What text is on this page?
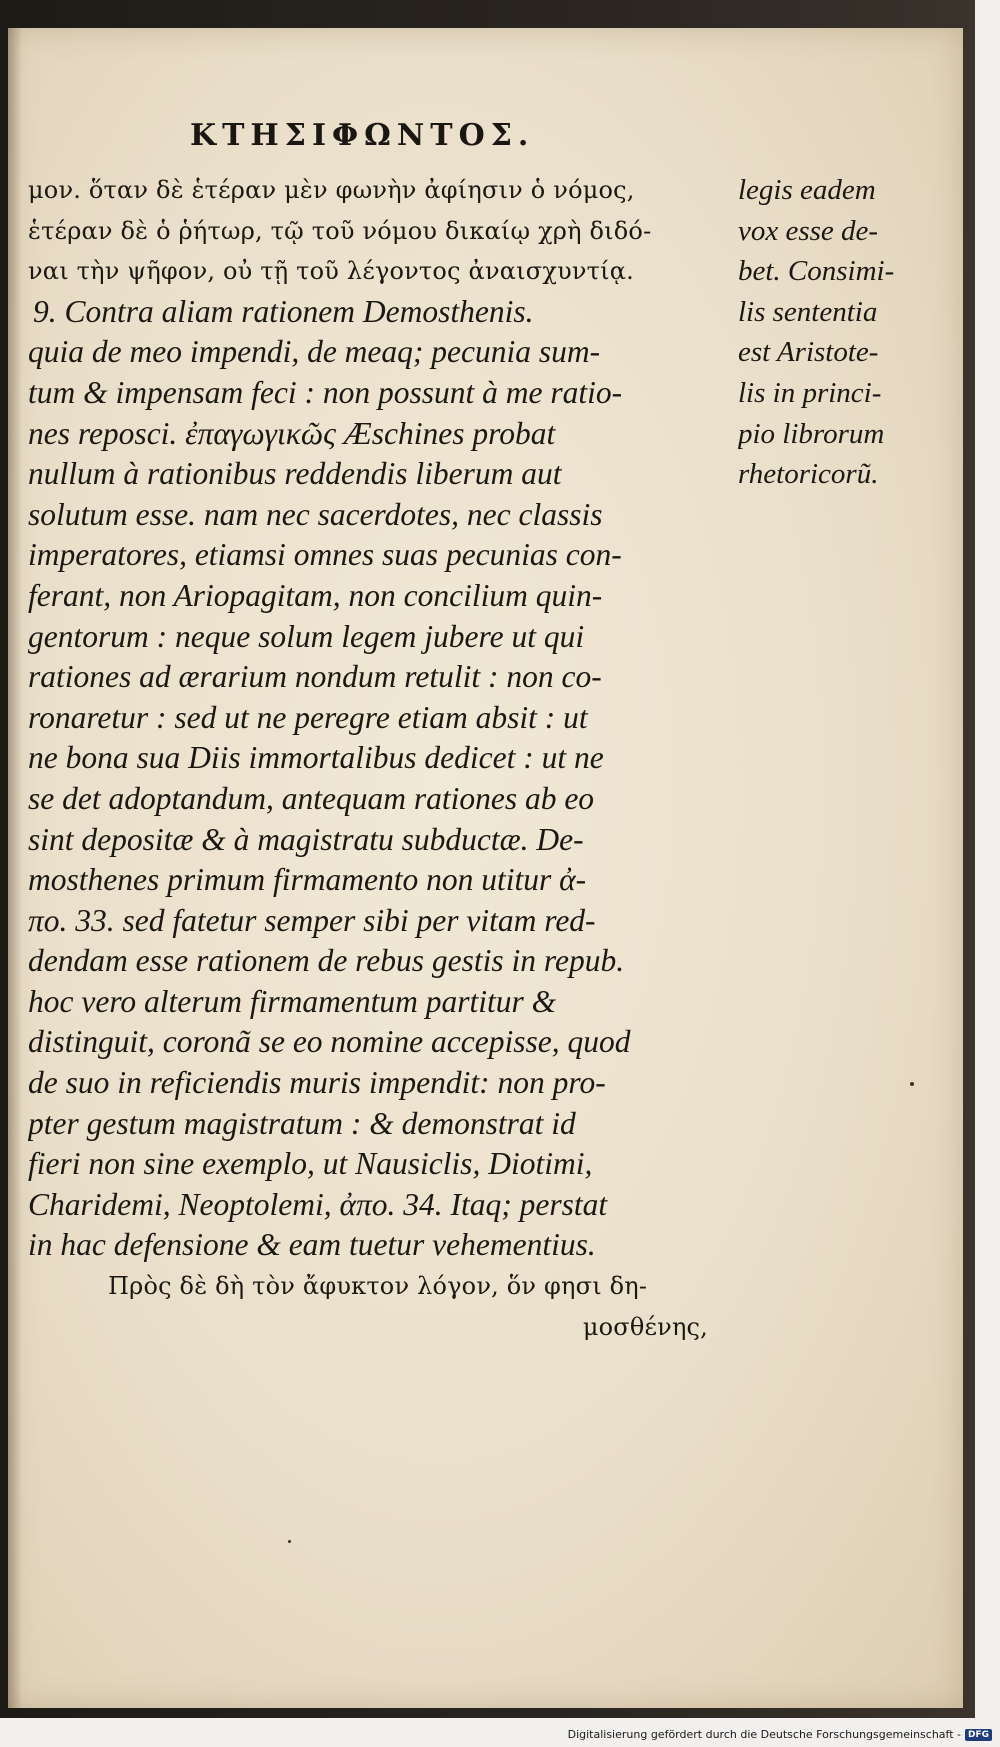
ΚΤΗΣΙΦΩΝΤΟΣ.
μον. ὅταν δὲ ἑτέραν μὲν φωνὴν ἀφίησιν ὁ νόμος,
ἑτέραν δὲ ὁ ῥήτωρ, τῷ τοῦ νόμου δικαίῳ χρὴ διδό-
ναι τὴν ψῆφον, οὐ τῇ τοῦ λέγοντος ἀναισχυντίᾳ.
9. Contra aliam rationem Demosthenis.
quia de meo impendi, de meaq; pecunia sum-
tum & impensam feci : non possunt à me ratio-
nes reposci. ἐπαγωγικῶς Æschines probat
nullum à rationibus reddendis liberum aut
solutum esse. nam nec sacerdotes, nec classis
imperatores, etiamsi omnes suas pecunias con-
ferant, non Ariopagitam, non concilium quin-
gentorum : neque solum legem jubere ut qui
rationes ad ærarium nondum retulit : non co-
ronaretur : sed ut ne peregre etiam absit : ut
ne bona sua Diis immortalibus dedicet : ut ne
se det adoptandum, antequam rationes ab eo
sint depositæ & à magistratu subductæ. De-
mosthenes primum firmamento non utitur ἀ-
πο. 33. sed fatetur semper sibi per vitam red-
dendam esse rationem de rebus gestis in repub.
hoc vero alterum firmamentum partitur &
distinguit, coronã se eo nomine accepisse, quod
de suo in reficiendis muris impendit: non pro-
pter gestum magistratum : & demonstrat id
fieri non sine exemplo, ut Nausiclis, Diotimi,
Charidemi, Neoptolemi, ἀπο. 34. Itaq; perstat
in hac defensione & eam tuetur vehementius.
Πρὸς δὲ δὴ τὸν ἄφυκτον λόγον, ὅν φησι δη-
μοσθένης,
legis eadem
vox esse de-
bet. Consimi-
lis sententia
est Aristote-
lis in princi-
pio librorum
rhetoricorũ.
Digitalisierung gefördert durch die Deutsche Forschungsgemeinschaft - DFG
